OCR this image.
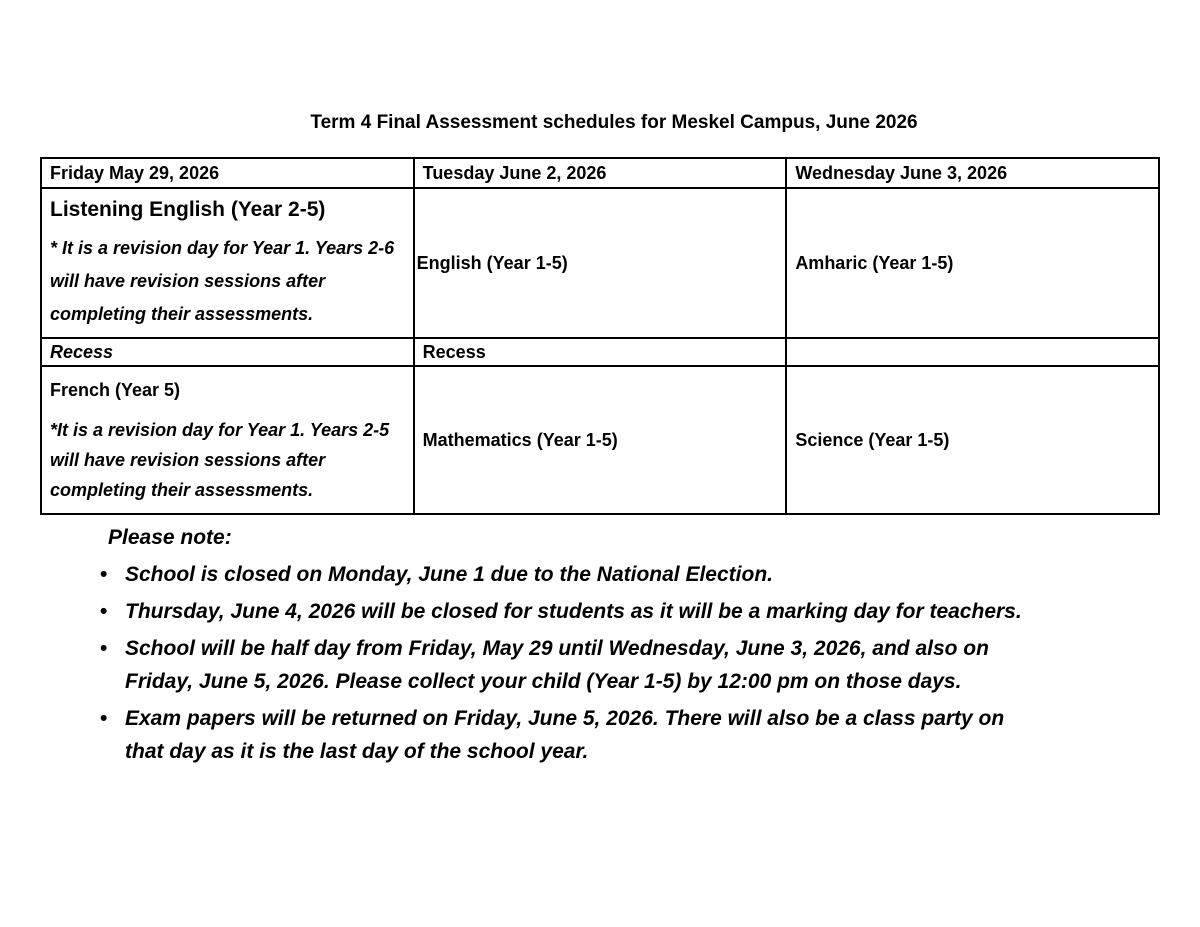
Term 4 Final Assessment schedules for Meskel Campus, June 2026
Friday May 29, 2026	Tuesday June 2, 2026	Wednesday June 3, 2026

Listening English (Year 2-5)
* It is a revision day for Year 1. Years 2-6 will have revision sessions after completing their assessments.	English (Year 1-5)	Amharic (Year 1-5)
Recess	Recess	

French (Year 5)
*It is a revision day for Year 1. Years 2-5 will have revision sessions after completing their assessments.	Mathematics (Year 1-5)	Science (Year 1-5)
Please note:
• School is closed on Monday, June 1 due to the National Election.
• Thursday, June 4, 2026 will be closed for students as it will be a marking day for teachers.
• School will be half day from Friday, May 29 until Wednesday, June 3, 2026, and also on Friday, June 5, 2026. Please collect your child (Year 1-5) by 12:00 pm on those days.
• Exam papers will be returned on Friday, June 5, 2026. There will also be a class party on that day as it is the last day of the school year.
